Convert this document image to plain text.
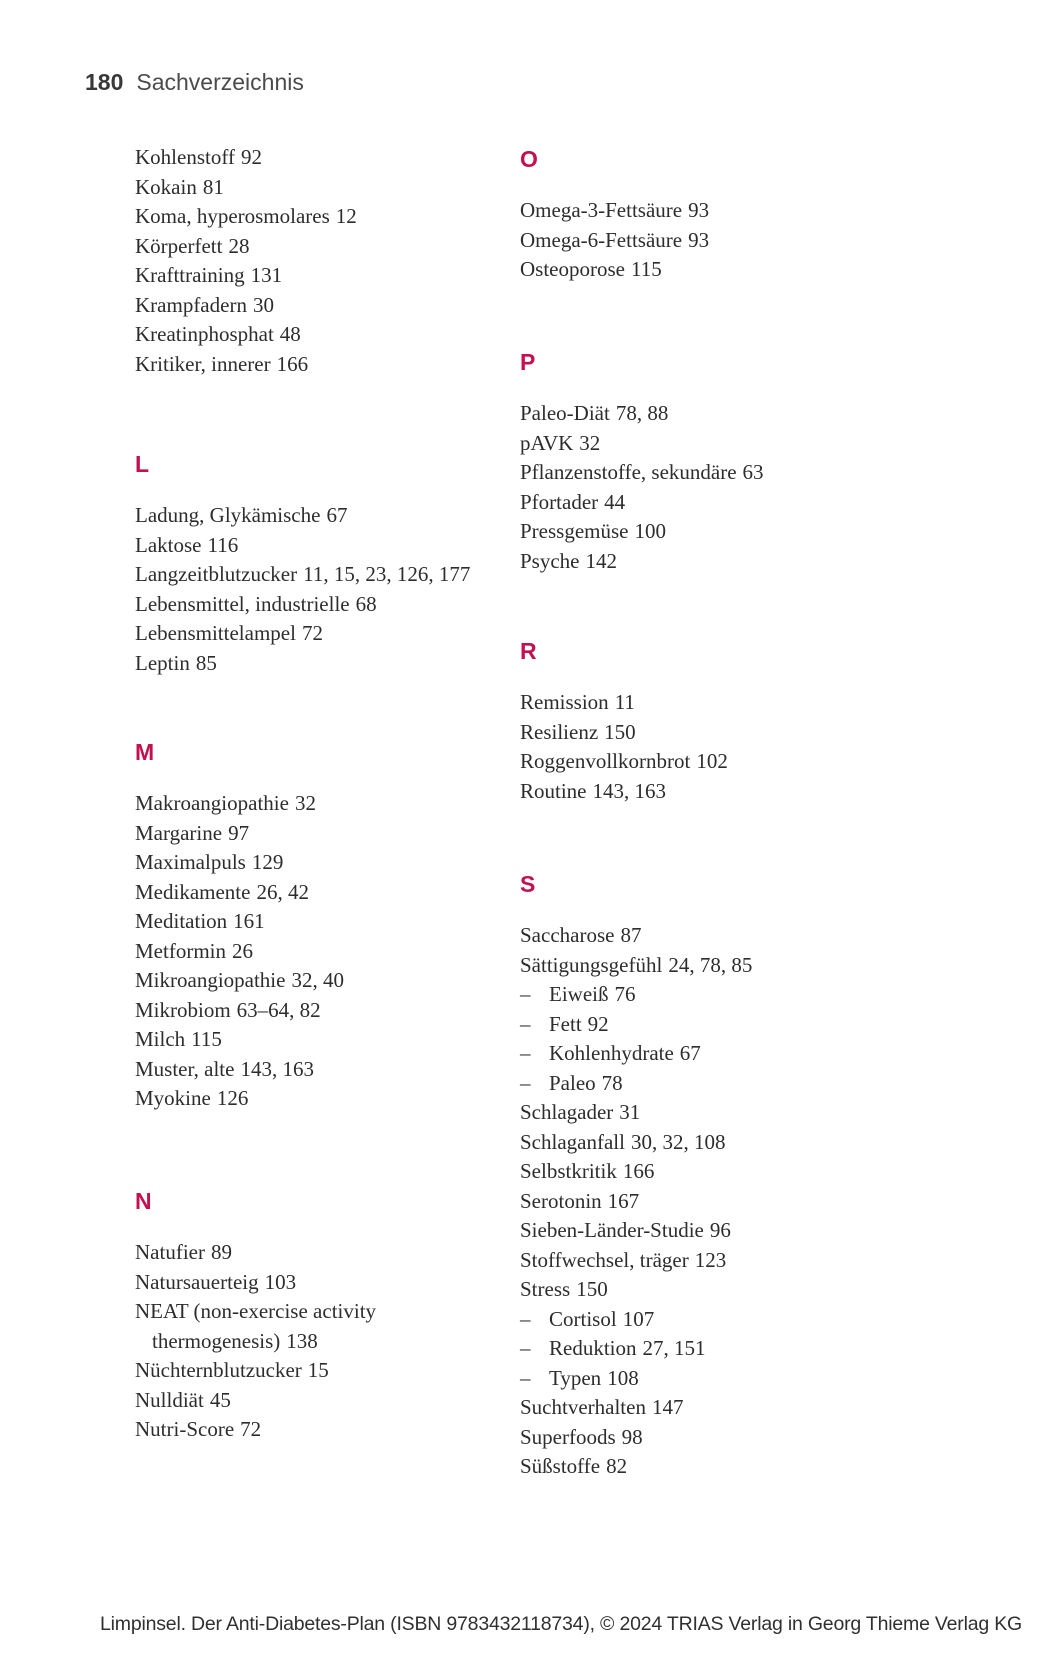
180 Sachverzeichnis
Kohlenstoff 92
Kokain 81
Koma, hyperosmolares 12
Körperfett 28
Krafttraining 131
Krampfadern 30
Kreatinphosphat 48
Kritiker, innerer 166
L
Ladung, Glykämische 67
Laktose 116
Langzeitblutzucker 11, 15, 23, 126, 177
Lebensmittel, industrielle 68
Lebensmittelampel 72
Leptin 85
M
Makroangiopathie 32
Margarine 97
Maximalpuls 129
Medikamente 26, 42
Meditation 161
Metformin 26
Mikroangiopathie 32, 40
Mikrobiom 63–64, 82
Milch 115
Muster, alte 143, 163
Myokine 126
N
Natufier 89
Natursauerteig 103
NEAT (non-exercise activity thermogenesis) 138
Nüchternblutzucker 15
Nulldiät 45
Nutri-Score 72
O
Omega-3-Fettsäure 93
Omega-6-Fettsäure 93
Osteoporose 115
P
Paleo-Diät 78, 88
pAVK 32
Pflanzenstoffe, sekundäre 63
Pfortader 44
Pressgemüse 100
Psyche 142
R
Remission 11
Resilienz 150
Roggenvollkornbrot 102
Routine 143, 163
S
Saccharose 87
Sättigungsgefühl 24, 78, 85
– Eiweiß 76
– Fett 92
– Kohlenhydrate 67
– Paleo 78
Schlagader 31
Schlaganfall 30, 32, 108
Selbstkritik 166
Serotonin 167
Sieben-Länder-Studie 96
Stoffwechsel, träger 123
Stress 150
– Cortisol 107
– Reduktion 27, 151
– Typen 108
Suchtverhalten 147
Superfoods 98
Süßstoffe 82
Limpinsel. Der Anti-Diabetes-Plan (ISBN 9783432118734), © 2024 TRIAS Verlag in Georg Thieme Verlag KG
